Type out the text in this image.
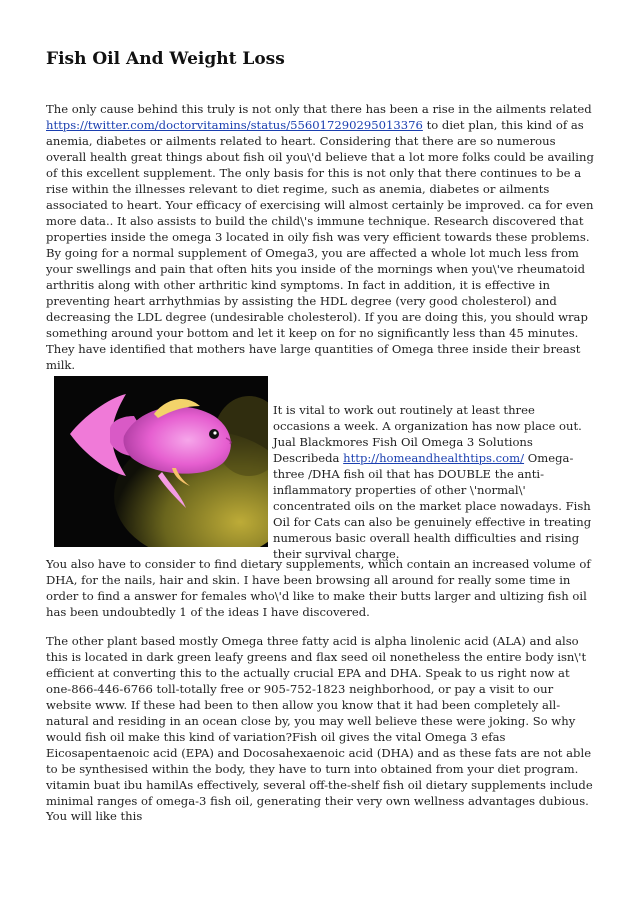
Fish Oil And Weight Loss

The only cause behind this truly is not only that there has been a rise in the ailments related https://twitter.com/doctorvitamins/status/556017290295013376 to diet plan, this kind of as anemia, diabetes or ailments related to heart. Considering that there are so numerous overall health great things about fish oil you\'d believe that a lot more folks could be availing of this excellent supplement. The only basis for this is not only that there continues to be a rise within the illnesses relevant to diet regime, such as anemia, diabetes or ailments associated to heart. Your efficacy of exercising will almost certainly be improved. ca for even more data.. It also assists to build the child\'s immune technique. Research discovered that properties inside the omega 3 located in oily fish was very efficient towards these problems. By going for a normal supplement of Omega3, you are affected a whole lot much less from your swellings and pain that often hits you inside of the mornings when you\'ve rheumatoid arthritis along with other arthritic kind symptoms. In fact in addition, it is effective in preventing heart arrhythmias by assisting the HDL degree (very good cholesterol) and decreasing the LDL degree (undesirable cholesterol). If you are doing this, you should wrap something around your bottom and let it keep on for no significantly less than 45 minutes. They have identified that mothers have large quantities of Omega three inside their breast milk.

It is vital to work out routinely at least three occasions a week. A organization has now place out. Jual Blackmores Fish Oil Omega 3 Solutions Describeda http://homeandhealthtips.com/ Omega-three /DHA fish oil that has DOUBLE the anti-inflammatory properties of other \'normal\' concentrated oils on the market place nowadays. Fish Oil for Cats can also be genuinely effective in treating numerous basic overall health difficulties and rising their survival charge.

You also have to consider to find dietary supplements, which contain an increased volume of DHA, for the nails, hair and skin. I have been browsing all around for really some time in order to find a answer for females who\'d like to make their butts larger and ultizing fish oil has been undoubtedly 1 of the ideas I have discovered.

The other plant based mostly Omega three fatty acid is alpha linolenic acid (ALA) and also this is located in dark green leafy greens and flax seed oil nonetheless the entire body isn\'t efficient at converting this to the actually crucial EPA and DHA. Speak to us right now at one-866-446-6766 toll-totally free or 905-752-1823 neighborhood, or pay a visit to our website www. If these had been to then allow you know that it had been completely all-natural and residing in an ocean close by, you may well believe these were joking. So why would fish oil make this kind of variation?Fish oil gives the vital Omega 3 efas Eicosapentaenoic acid (EPA) and Docosahexaenoic acid (DHA) and as these fats are not able to be synthesised within the body, they have to turn into obtained from your diet program. vitamin buat ibu hamilAs effectively, several off-the-shelf fish oil dietary supplements include minimal ranges of omega-3 fish oil, generating their very own wellness advantages dubious.

You will like this
